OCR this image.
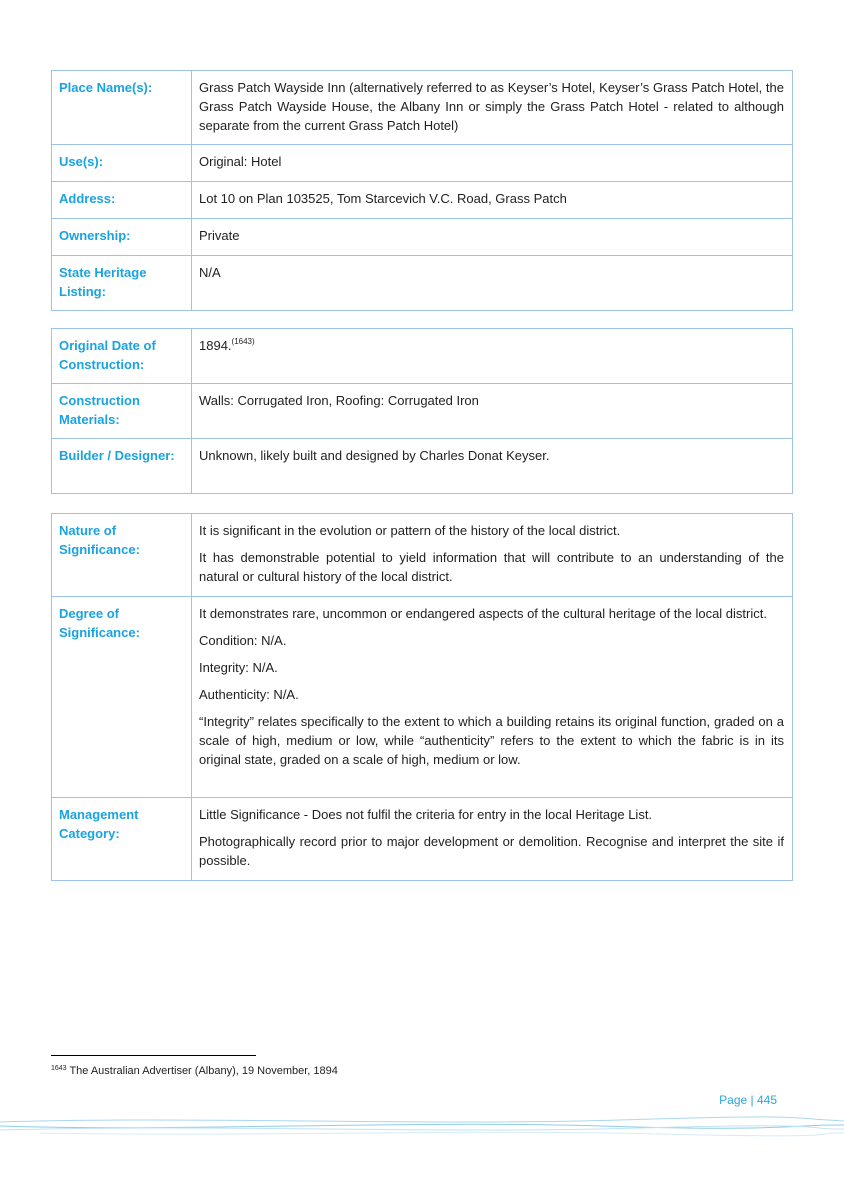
Place Name(s):	Grass Patch Wayside Inn (alternatively referred to as Keyser’s Hotel, Keyser’s Grass Patch Hotel, the Grass Patch Wayside House, the Albany Inn or simply the Grass Patch Hotel - related to although separate from the current Grass Patch Hotel)
Use(s):	Original: Hotel
Address:	Lot 10 on Plan 103525, Tom Starcevich V.C. Road, Grass Patch
Ownership:	Private
State Heritage Listing:	N/A
Original Date of Construction:	1894.$^{(1643)}$
Construction Materials:	Walls: Corrugated Iron, Roofing: Corrugated Iron
Builder / Designer:	Unknown, likely built and designed by Charles Donat Keyser.
Nature of Significance:	It is significant in the evolution or pattern of the history of the local district.

It has demonstrable potential to yield information that will contribute to an understanding of the natural or cultural history of the local district.

Degree of Significance:	It demonstrates rare, uncommon or endangered aspects of the cultural heritage of the local district.

Condition: N/A.

Integrity: N/A.

Authenticity: N/A.

“Integrity” relates specifically to the extent to which a building retains its original function, graded on a scale of high, medium or low, while “authenticity” refers to the extent to which the fabric is in its original state, graded on a scale of high, medium or low.

Management Category:	Little Significance - Does not fulfil the criteria for entry in the local Heritage List.

Photographically record prior to major development or demolition. Recognise and interpret the site if possible.

$^{1643}$ The Australian Advertiser (Albany), 19 November, 1894
Page | 445
